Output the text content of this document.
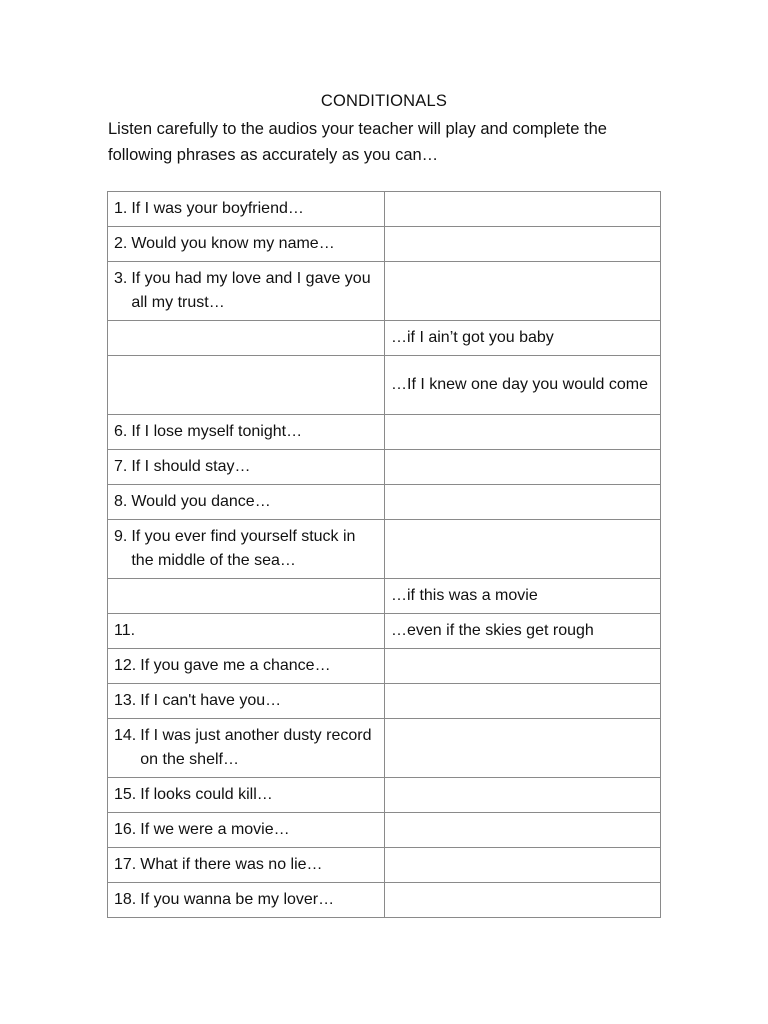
CONDITIONALS
Listen carefully to the audios your teacher will play and complete the following phrases as accurately as you can…
1. If I was your boyfriend…	

2. Would you know my name…	

3. If you had my love and I gave you all my trust…	

	…if I ain’t got you baby

	…If I knew one day you would come

6. If I lose myself tonight…	

7. If I should stay…	

8. Would you dance…	

9. If you ever find yourself stuck in the middle of the sea…	

	…if this was a movie

11.	…even if the skies get rough

12. If you gave me a chance…	

13. If I can't have you…	

14. If I was just another dusty record on the shelf…	

15. If looks could kill…	

16. If we were a movie…	

17. What if there was no lie…	

18. If you wanna be my lover…	
